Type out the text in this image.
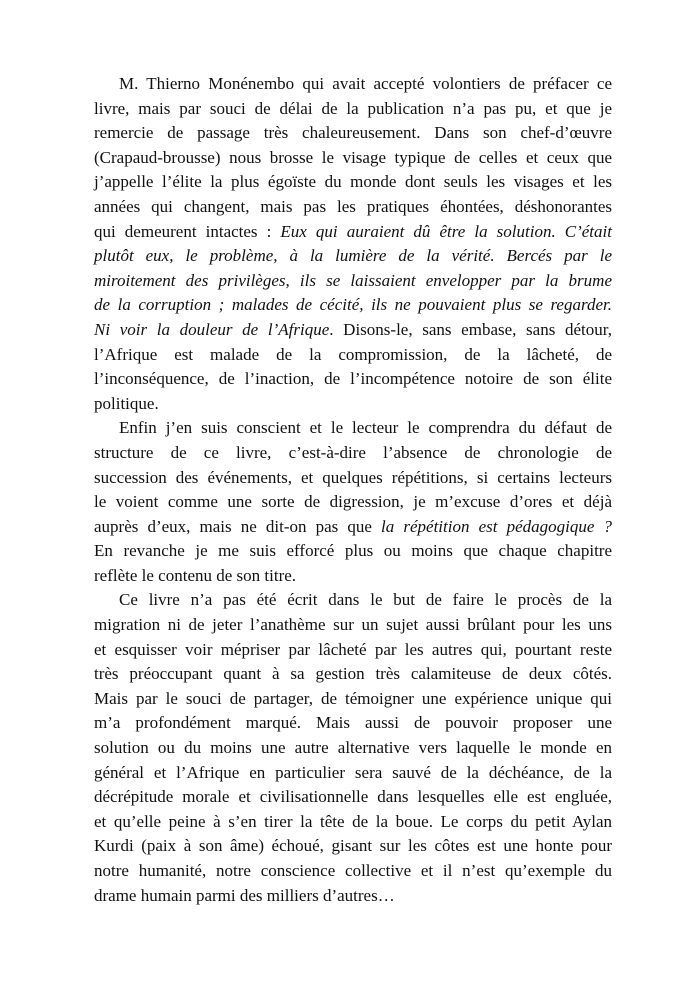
M. Thierno Monénembo qui avait accepté volontiers de préfacer ce
livre, mais par souci de délai de la publication n’a pas pu, et que je
remercie de passage très chaleureusement. Dans son chef-d’œuvre
(Crapaud-brousse) nous brosse le visage typique de celles et ceux que
j’appelle l’élite la plus égoïste du monde dont seuls les visages et les
années qui changent, mais pas les pratiques éhontées, déshonorantes
qui demeurent intactes : Eux qui auraient dû être la solution. C’était
plutôt eux, le problème, à la lumière de la vérité. Bercés par le
miroitement des privilèges, ils se laissaient envelopper par la brume
de la corruption ; malades de cécité, ils ne pouvaient plus se regarder.
Ni voir la douleur de l’Afrique. Disons-le, sans embase, sans détour,
l’Afrique est malade de la compromission, de la lâcheté, de
l’inconséquence, de l’inaction, de l’incompétence notoire de son élite
politique.
Enfin j’en suis conscient et le lecteur le comprendra du défaut de
structure de ce livre, c’est-à-dire l’absence de chronologie de
succession des événements, et quelques répétitions, si certains lecteurs
le voient comme une sorte de digression, je m’excuse d’ores et déjà
auprès d’eux, mais ne dit-on pas que la répétition est pédagogique ?
En revanche je me suis efforcé plus ou moins que chaque chapitre
reflète le contenu de son titre.
Ce livre n’a pas été écrit dans le but de faire le procès de la
migration ni de jeter l’anathème sur un sujet aussi brûlant pour les uns
et esquisser voir mépriser par lâcheté par les autres qui, pourtant reste
très préoccupant quant à sa gestion très calamiteuse de deux côtés.
Mais par le souci de partager, de témoigner une expérience unique qui
m’a profondément marqué. Mais aussi de pouvoir proposer une
solution ou du moins une autre alternative vers laquelle le monde en
général et l’Afrique en particulier sera sauvé de la déchéance, de la
décrépitude morale et civilisationnelle dans lesquelles elle est engluée,
et qu’elle peine à s’en tirer la tête de la boue. Le corps du petit Aylan
Kurdi (paix à son âme) échoué, gisant sur les côtes est une honte pour
notre humanité, notre conscience collective et il n’est qu’exemple du
drame humain parmi des milliers d’autres…
